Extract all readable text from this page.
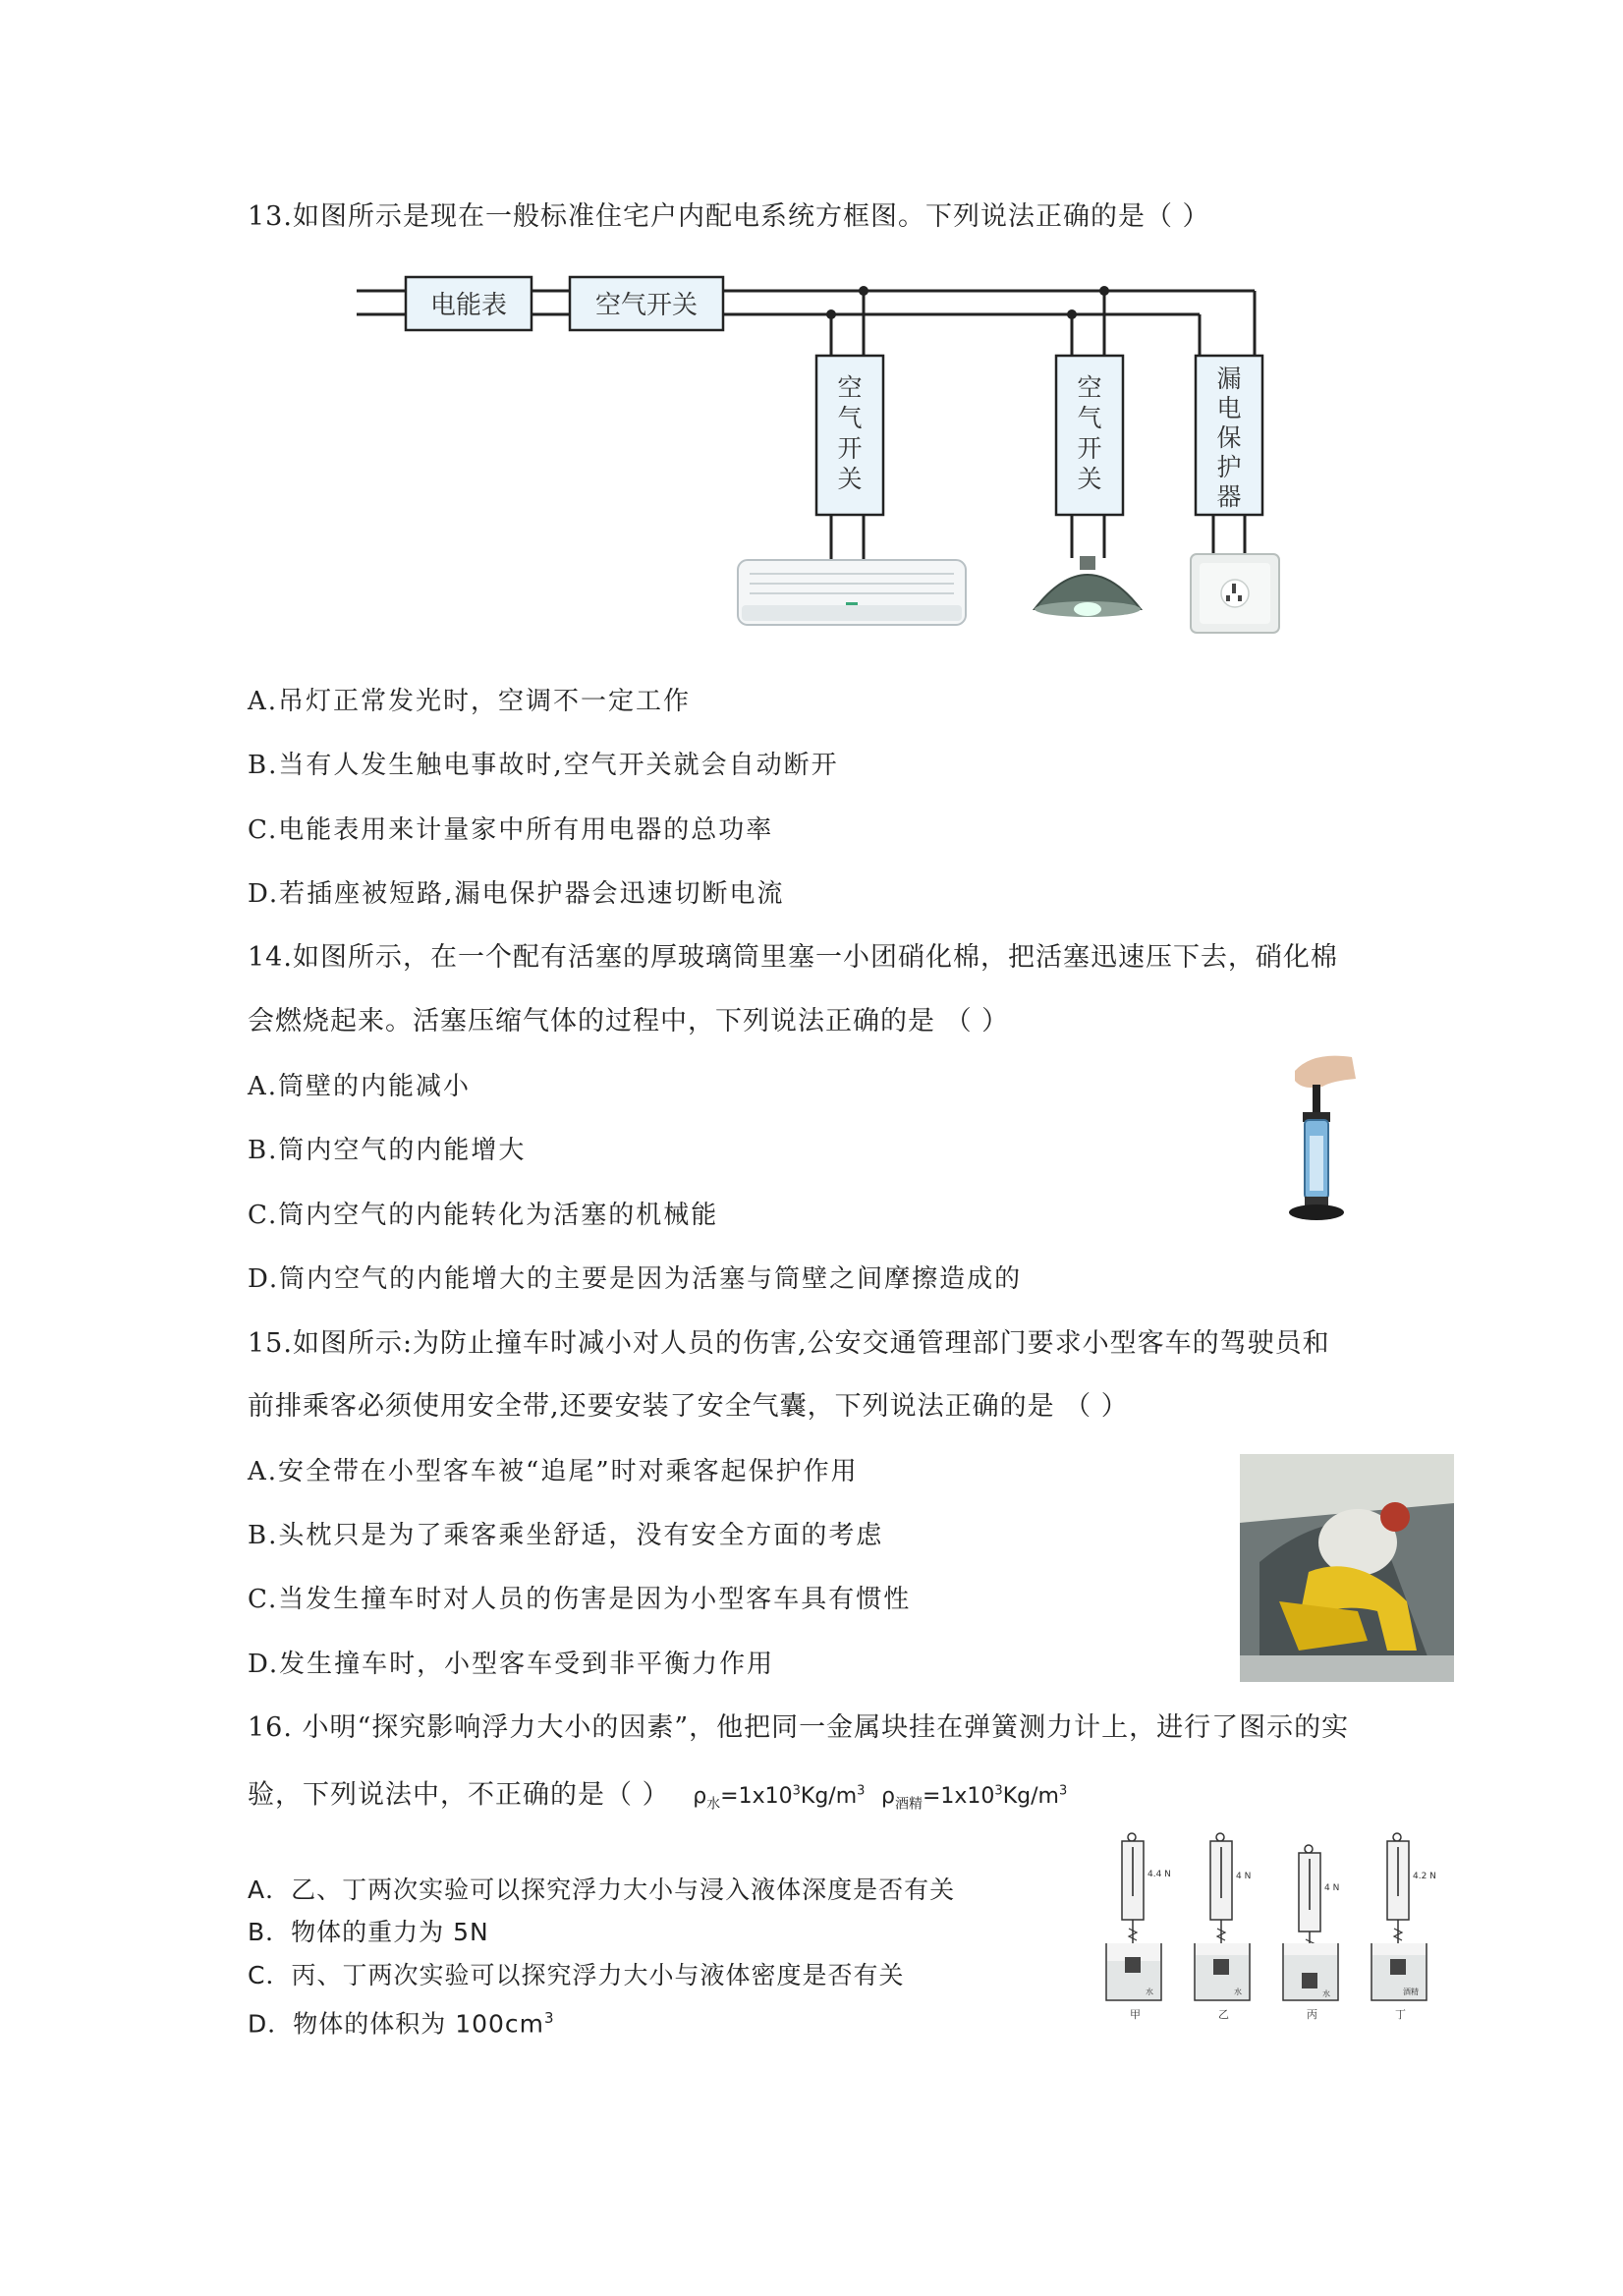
13.如图所示是现在一般标准住宅户内配电系统方框图。下列说法正确的是（ ）
电能表	空气开关
空
气
开
关
空
气
开
关
漏
电
保
护
器
A.吊灯正常发光时，空调不一定工作
B.当有人发生触电事故时,空气开关就会自动断开
C.电能表用来计量家中所有用电器的总功率
D.若插座被短路,漏电保护器会迅速切断电流
14.如图所示，在一个配有活塞的厚玻璃筒里塞一小团硝化棉，把活塞迅速压下去，硝化棉
会燃烧起来。活塞压缩气体的过程中，下列说法正确的是 （ ）
A.筒壁的内能减小
B.筒内空气的内能增大
C.筒内空气的内能转化为活塞的机械能
D.筒内空气的内能增大的主要是因为活塞与筒壁之间摩擦造成的
15.如图所示:为防止撞车时减小对人员的伤害,公安交通管理部门要求小型客车的驾驶员和
前排乘客必须使用安全带,还要安装了安全气囊，下列说法正确的是 （ ）
A.安全带在小型客车被“追尾”时对乘客起保护作用
B.头枕只是为了乘客乘坐舒适，没有安全方面的考虑
C.当发生撞车时对人员的伤害是因为小型客车具有惯性
D.发生撞车时，小型客车受到非平衡力作用
16. 小明“探究影响浮力大小的因素”，他把同一金属块挂在弹簧测力计上，进行了图示的实
验，下列说法中，不正确的是（ ） $\rho_水=1x10^3Kg/m^3$ $\rho_{酒精}=1x10^3Kg/m^3$
A．乙、丁两次实验可以探究浮力大小与浸入液体深度是否有关
B．物体的重力为 5N
C．丙、丁两次实验可以探究浮力大小与液体密度是否有关
D．物体的体积为 $100cm^3$
4.4 N
水
甲
4 N
水
乙
4 N
水
丙
4.2 N
酒精
丁
